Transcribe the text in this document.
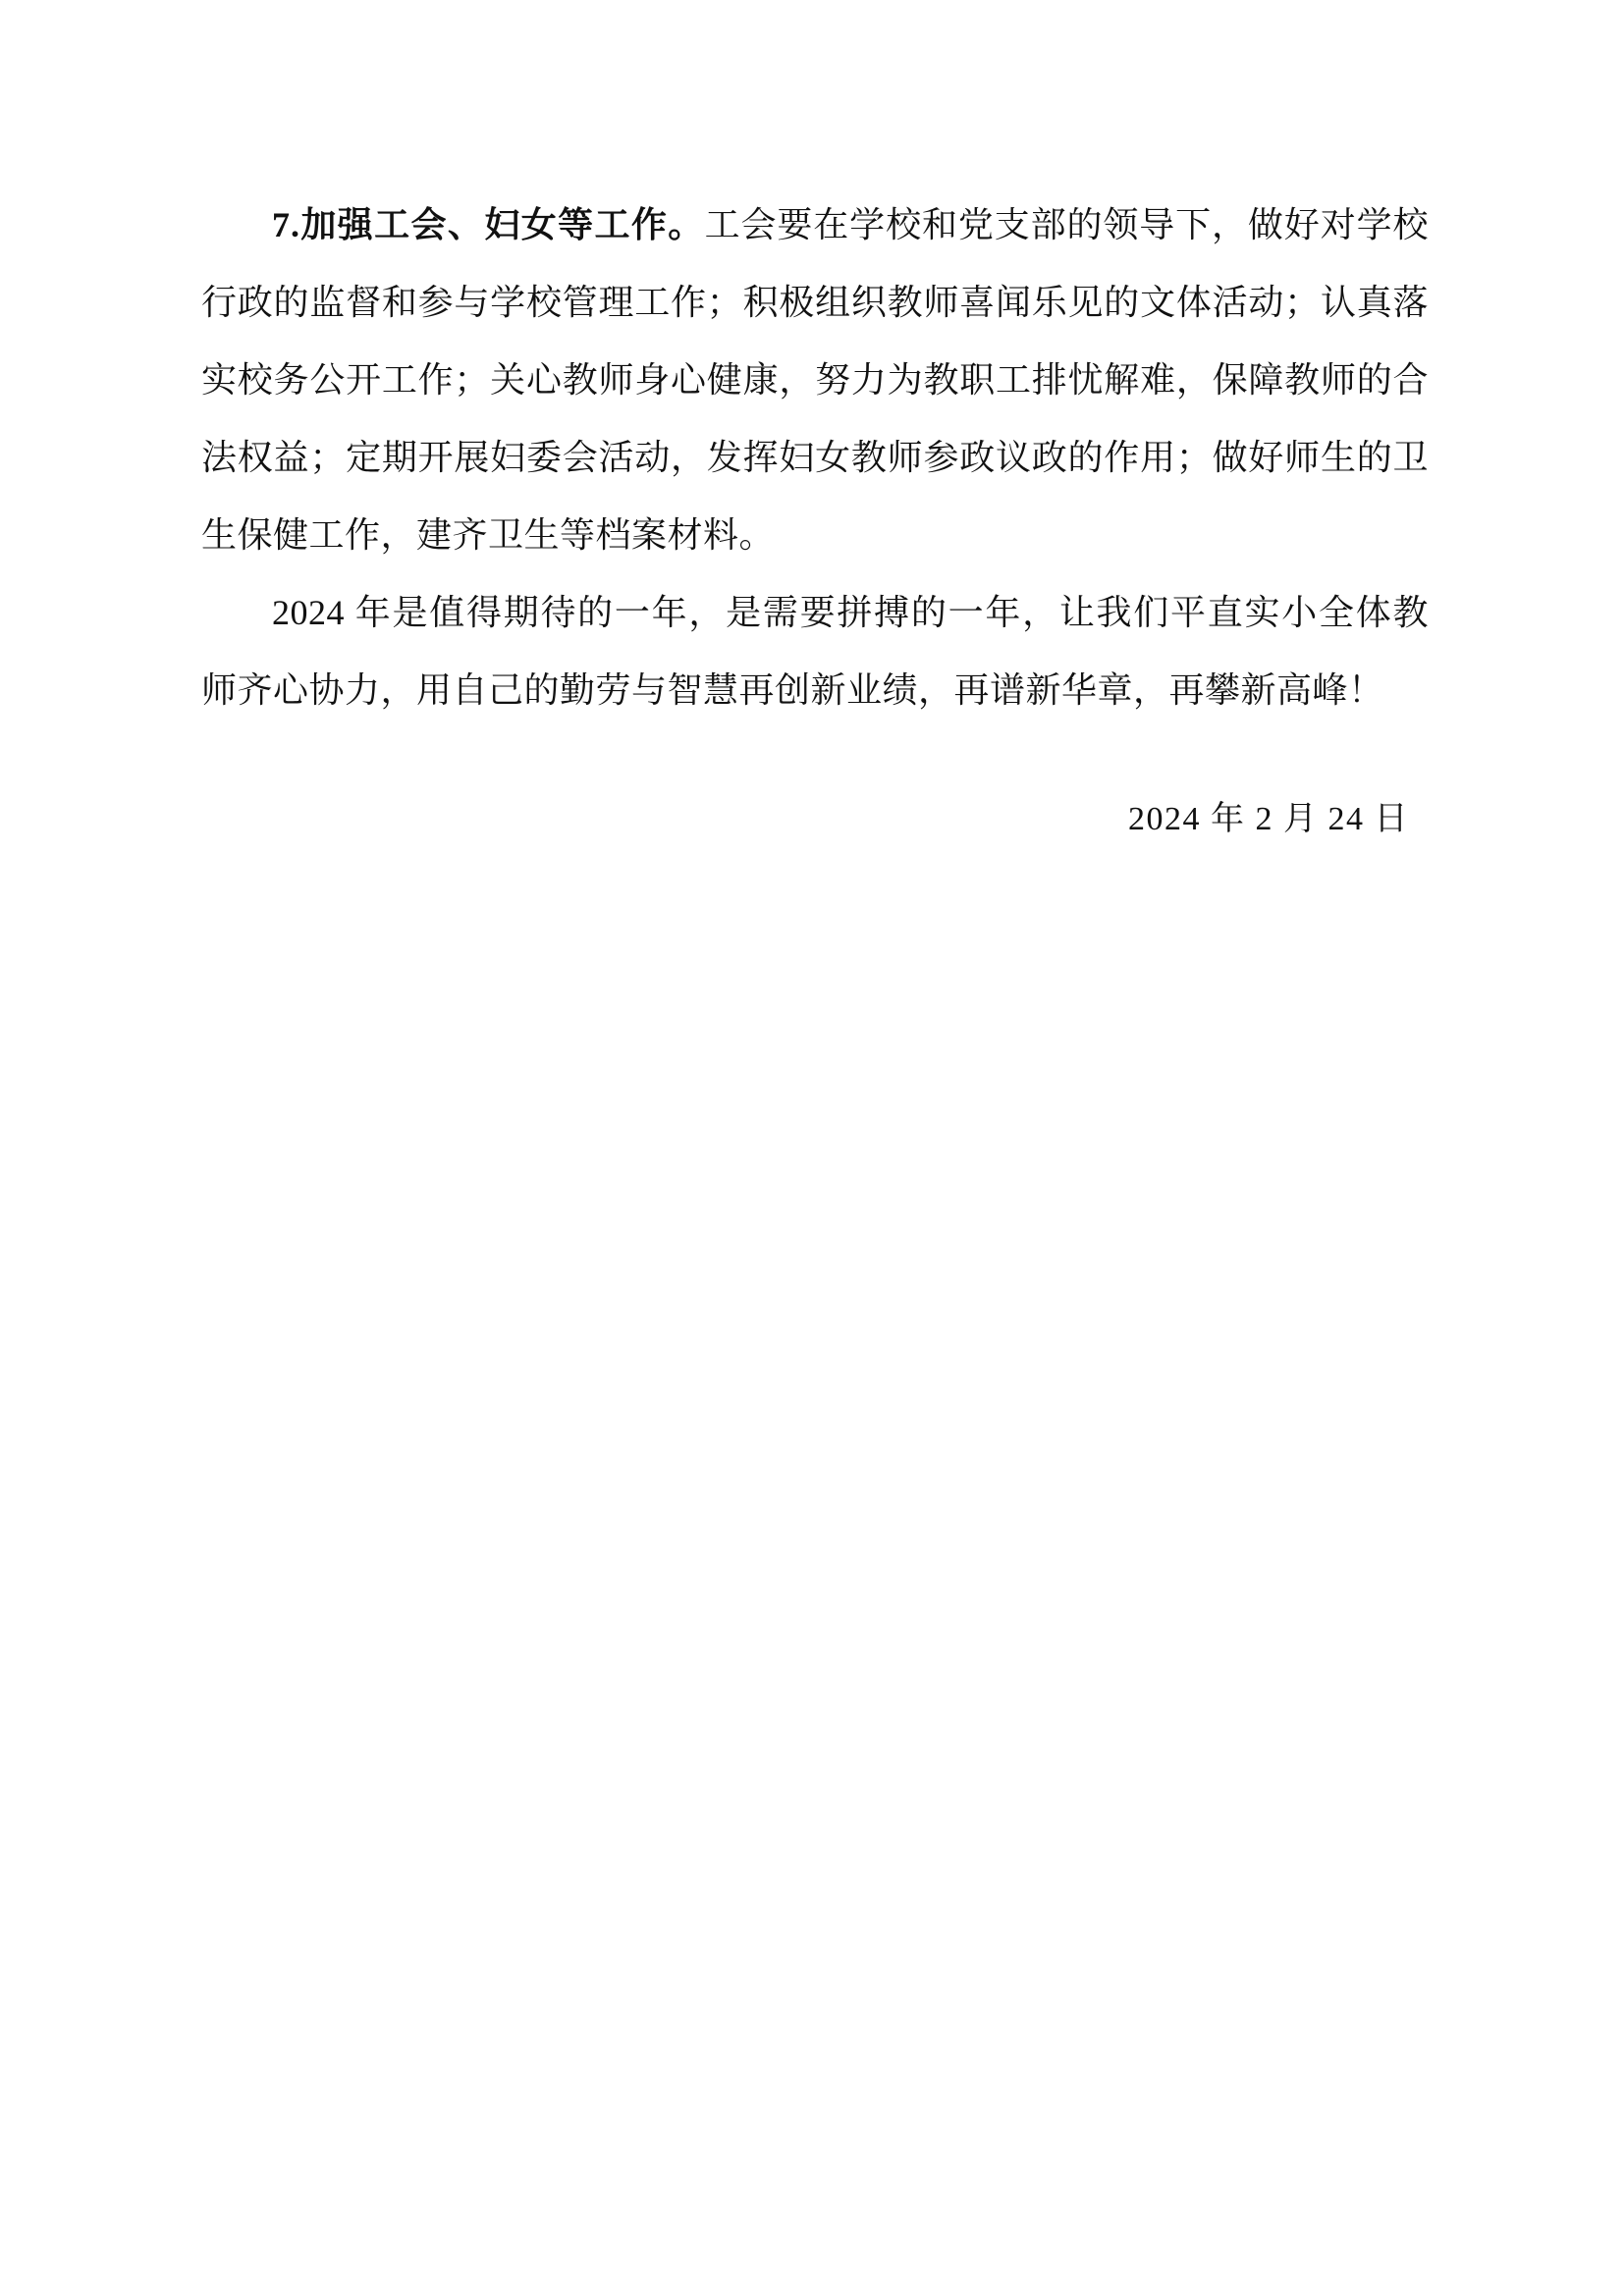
7.加强工会、妇女等工作。工会要在学校和党支部的领导下，做好对学校行政的监督和参与学校管理工作；积极组织教师喜闻乐见的文体活动；认真落实校务公开工作；关心教师身心健康，努力为教职工排忧解难，保障教师的合法权益；定期开展妇委会活动，发挥妇女教师参政议政的作用；做好师生的卫生保健工作，建齐卫生等档案材料。

2024 年是值得期待的一年，是需要拼搏的一年，让我们平直实小全体教师齐心协力，用自己的勤劳与智慧再创新业绩，再谱新华章，再攀新高峰！

2024 年 2 月 24 日
